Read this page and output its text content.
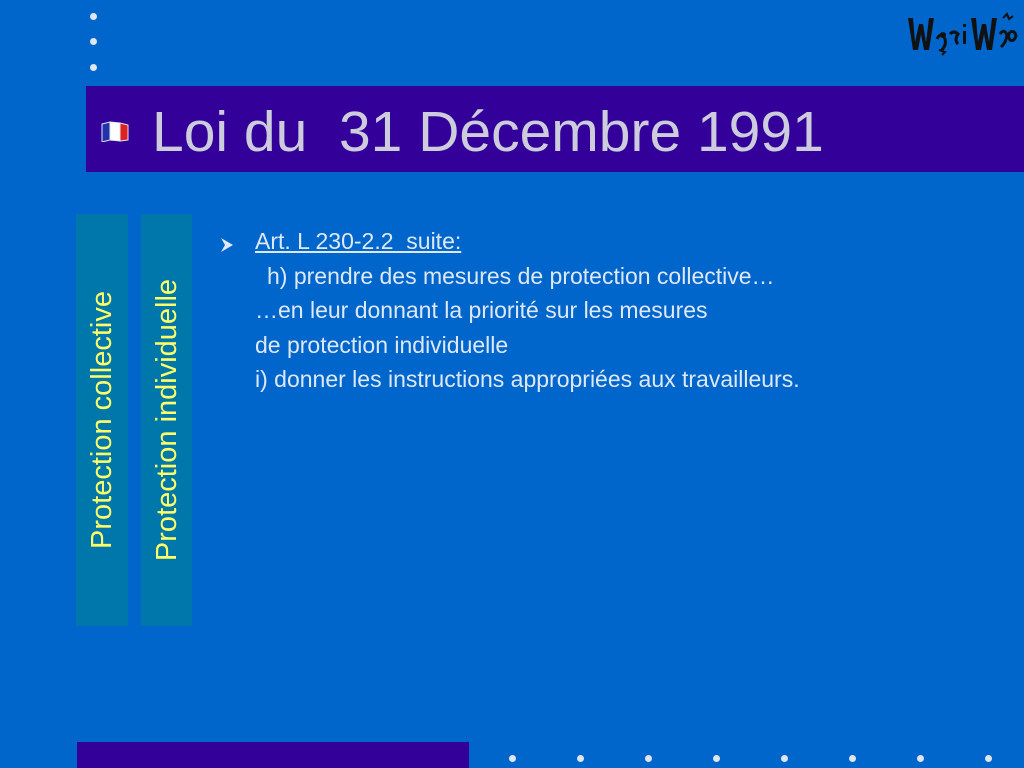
Loi du  31 Décembre 1991
Protection collective Protection individuelle
Art. L 230-2.2  suite:
h) prendre des mesures de protection collective…
…en leur donnant la priorité sur les mesures
de protection individuelle
i) donner les instructions appropriées aux travailleurs.
